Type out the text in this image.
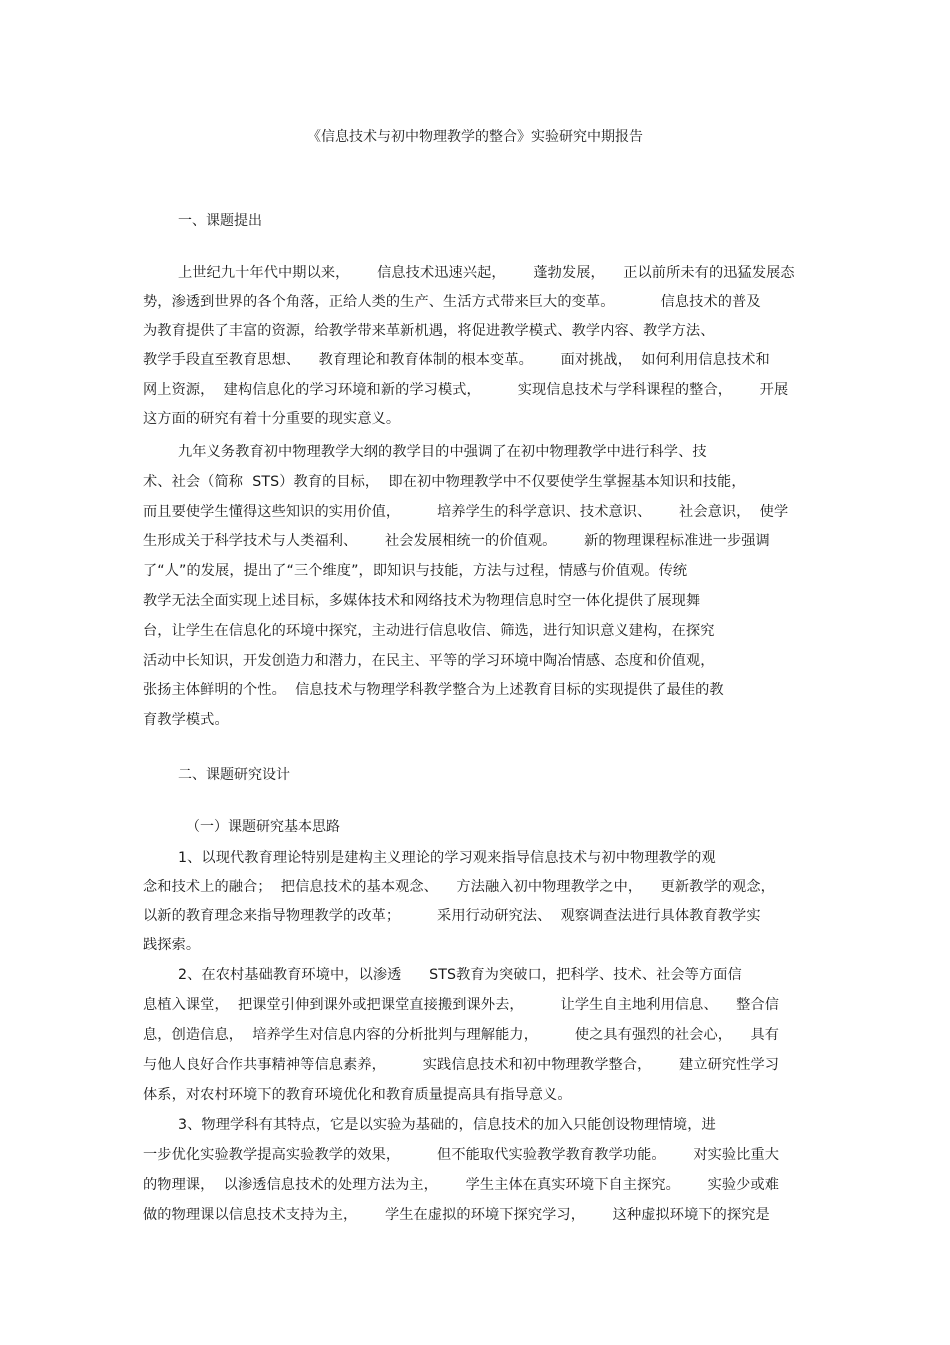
《信息技术与初中物理教学的整合》实验研究中期报告
一、课题提出
上世纪九十年代中期以来，      信息技术迅速兴起，      蓬勃发展，    正以前所未有的迅猛发展态
势，渗透到世界的各个角落，正给人类的生产、生活方式带来巨大的变革。          信息技术的普及
为教育提供了丰富的资源，给教学带来革新机遇，将促进教学模式、教学内容、教学方法、
教学手段直至教育思想、    教育理论和教育体制的根本变革。      面对挑战，  如何利用信息技术和
网上资源，  建构信息化的学习环境和新的学习模式，        实现信息技术与学科课程的整合，      开展
这方面的研究有着十分重要的现实意义。
九年义务教育初中物理教学大纲的教学目的中强调了在初中物理教学中进行科学、技
术、社会（简称  STS）教育的目标，  即在初中物理教学中不仅要使学生掌握基本知识和技能，
而且要使学生懂得这些知识的实用价值，        培养学生的科学意识、技术意识、      社会意识，  使学
生形成关于科学技术与人类福利、      社会发展相统一的价值观。      新的物理课程标准进一步强调
了“人”的发展，提出了“三个维度”，即知识与技能，方法与过程，情感与价值观。传统
教学无法全面实现上述目标，多媒体技术和网络技术为物理信息时空一体化提供了展现舞
台，让学生在信息化的环境中探究，主动进行信息收信、筛选，进行知识意义建构，在探究
活动中长知识，开发创造力和潜力，在民主、平等的学习环境中陶冶情感、态度和价值观，
张扬主体鲜明的个性。  信息技术与物理学科教学整合为上述教育目标的实现提供了最佳的教
育教学模式。
二、课题研究设计
（一）课题研究基本思路
1、以现代教育理论特别是建构主义理论的学习观来指导信息技术与初中物理教学的观
念和技术上的融合；  把信息技术的基本观念、    方法融入初中物理教学之中，    更新教学的观念，
以新的教育理念来指导物理教学的改革；        采用行动研究法、  观察调查法进行具体教育教学实
践探索。
2、在农村基础教育环境中，以渗透      STS教育为突破口，把科学、技术、社会等方面信
息植入课堂，  把课堂引伸到课外或把课堂直接搬到课外去，        让学生自主地利用信息、    整合信
息，创造信息，  培养学生对信息内容的分析批判与理解能力，        使之具有强烈的社会心，    具有
与他人良好合作共事精神等信息素养，        实践信息技术和初中物理教学整合，      建立研究性学习
体系，对农村环境下的教育环境优化和教育质量提高具有指导意义。
3、物理学科有其特点，它是以实验为基础的，信息技术的加入只能创设物理情境，进
一步优化实验教学提高实验教学的效果，        但不能取代实验教学教育教学功能。      对实验比重大
的物理课，  以渗透信息技术的处理方法为主，      学生主体在真实环境下自主探究。      实验少或难
做的物理课以信息技术支持为主，      学生在虚拟的环境下探究学习，      这种虚拟环境下的探究是
